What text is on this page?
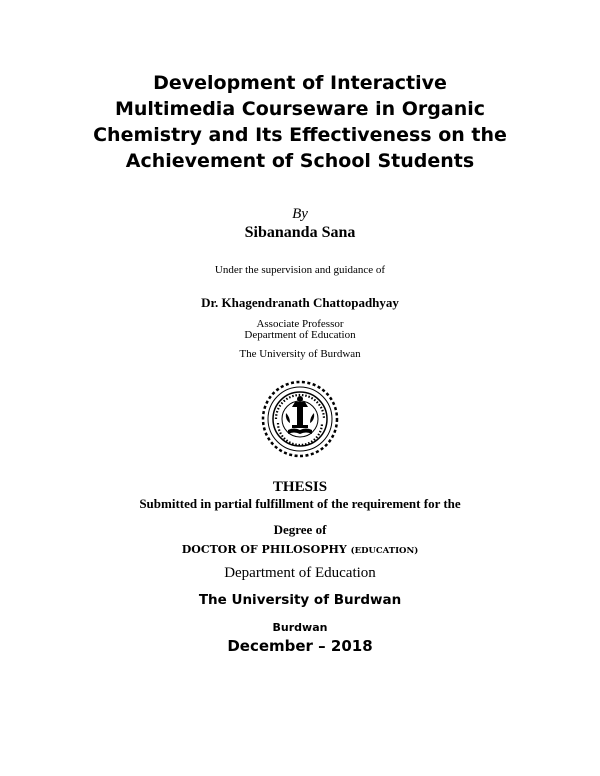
Development of Interactive
Multimedia Courseware in Organic
Chemistry and Its Effectiveness on the
Achievement of School Students
By
Sibananda Sana
Under the supervision and guidance of
Dr. Khagendranath Chattopadhyay
Associate Professor
Department of Education
The University of Burdwan
THESIS
Submitted in partial fulfillment of the requirement for the
Degree of
DOCTOR OF PHILOSOPHY (EDUCATION)
Department of Education
The University of Burdwan
Burdwan
December – 2018
